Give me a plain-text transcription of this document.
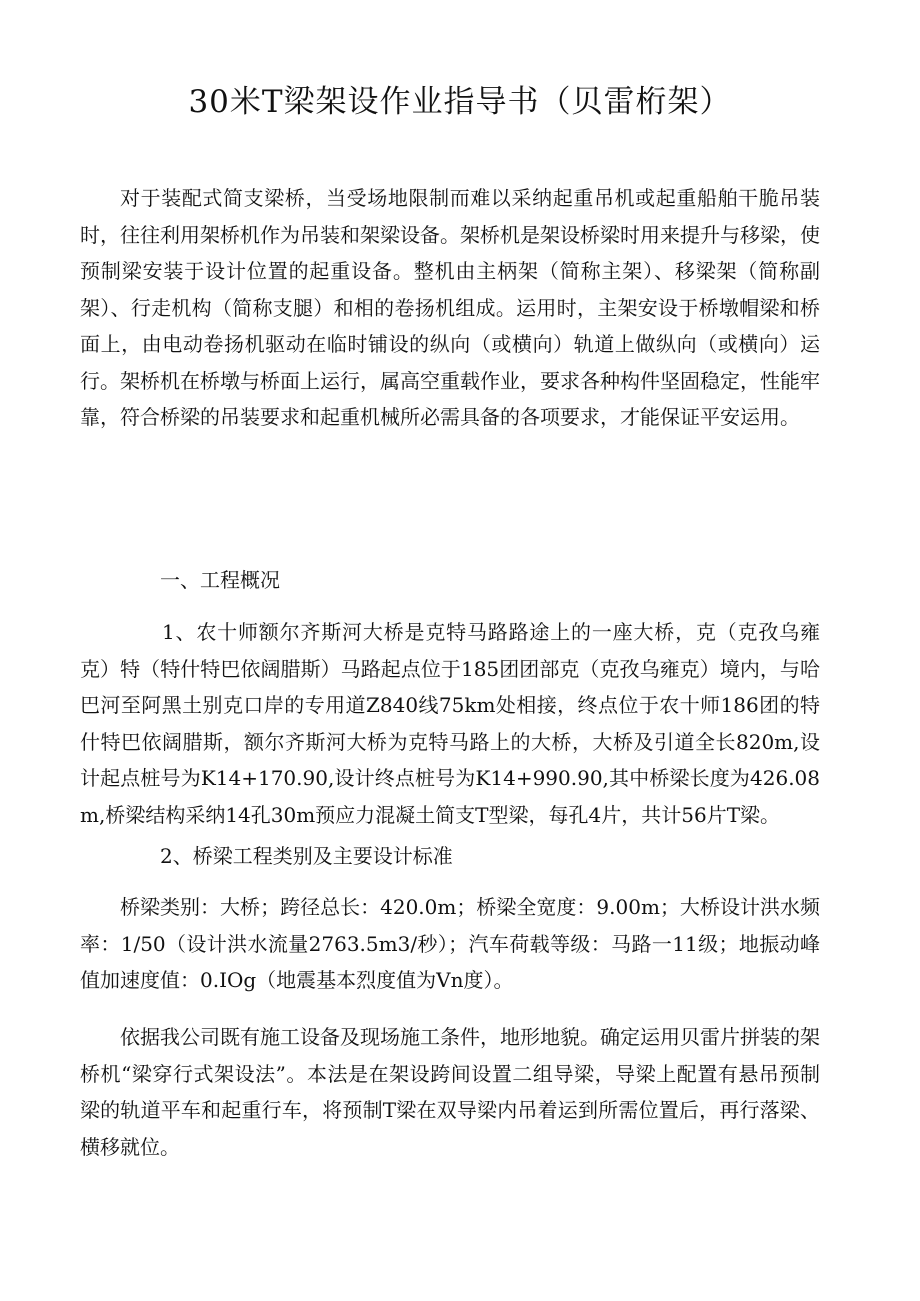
30米T梁架设作业指导书（贝雷桁架）

对于装配式简支梁桥，当受场地限制而难以采纳起重吊机或起重船舶干脆吊装时，往往利用架桥机作为吊装和架梁设备。架桥机是架设桥梁时用来提升与移梁，使预制梁安装于设计位置的起重设备。整机由主柄架（简称主架）、移梁架（简称副架）、行走机构（简称支腿）和相的卷扬机组成。运用时，主架安设于桥墩帽梁和桥面上，由电动卷扬机驱动在临时铺设的纵向（或横向）轨道上做纵向（或横向）运行。架桥机在桥墩与桥面上运行，属高空重载作业，要求各种构件坚固稳定，性能牢靠，符合桥梁的吊装要求和起重机械所必需具备的各项要求，才能保证平安运用。

一、工程概况

1、农十师额尔齐斯河大桥是克特马路路途上的一座大桥，克（克孜乌雍克）特（特什特巴依阔腊斯）马路起点位于185团团部克（克孜乌雍克）境内，与哈巴河至阿黑土别克口岸的专用道Z840线75km处相接，终点位于农十师186团的特什特巴依阔腊斯，额尔齐斯河大桥为克特马路上的大桥，大桥及引道全长820m,设计起点桩号为K14+170.90,设计终点桩号为K14+990.90,其中桥梁长度为426.08m,桥梁结构采纳14孔30m预应力混凝土简支T型梁，每孔4片，共计56片T梁。

2、桥梁工程类别及主要设计标准

桥梁类别：大桥；跨径总长：420.0m；桥梁全宽度：9.00m；大桥设计洪水频率：1/50（设计洪水流量2763.5m3/秒）；汽车荷载等级：马路一11级；地振动峰值加速度值：0.IOg（地震基本烈度值为Vn度）。

依据我公司既有施工设备及现场施工条件，地形地貌。确定运用贝雷片拼装的架桥机“梁穿行式架设法”。本法是在架设跨间设置二组导梁，导梁上配置有悬吊预制梁的轨道平车和起重行车，将预制T梁在双导梁内吊着运到所需位置后，再行落梁、横移就位。
